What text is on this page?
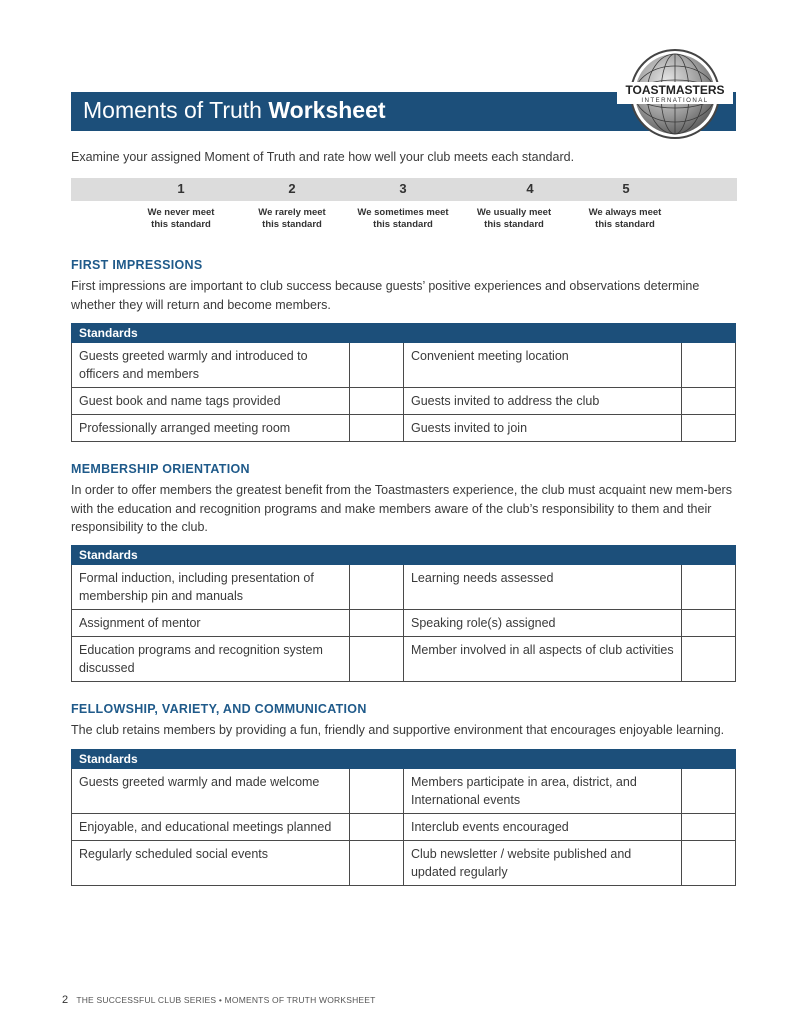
Moments of Truth Worksheet
TOASTMASTERS
INTERNATIONAL
Examine your assigned Moment of Truth and rate how well your club meets each standard.
1	2	3	4	5
We never meet
this standard
We rarely meet
this standard
We sometimes meet
this standard
We usually meet
this standard
We always meet
this standard
FIRST IMPRESSIONS
First impressions are important to club success because guests’ positive experiences and observations determine whether they will return and become members.
Standards			
Guests greeted warmly and introduced to officers and members		Convenient meeting location	
Guest book and name tags provided		Guests invited to address the club	
Professionally arranged meeting room		Guests invited to join	
MEMBERSHIP ORIENTATION
In order to offer members the greatest benefit from the Toastmasters experience, the club must acquaint new mem-bers with the education and recognition programs and make members aware of the club’s responsibility to them and their responsibility to the club.
Standards			
Formal induction, including presentation of membership pin and manuals		Learning needs assessed	
Assignment of mentor		Speaking role(s) assigned	
Education programs and recognition system discussed		Member involved in all aspects of club activities	
FELLOWSHIP, VARIETY, AND COMMUNICATION
The club retains members by providing a fun, friendly and supportive environment that encourages enjoyable learning.
Standards			
Guests greeted warmly and made welcome		Members participate in area, district, and International events	
Enjoyable, and educational meetings planned		Interclub events encouraged	
Regularly scheduled social events		Club newsletter / website published and updated regularly	
2 THE SUCCESSFUL CLUB SERIES • MOMENTS OF TRUTH WORKSHEET
